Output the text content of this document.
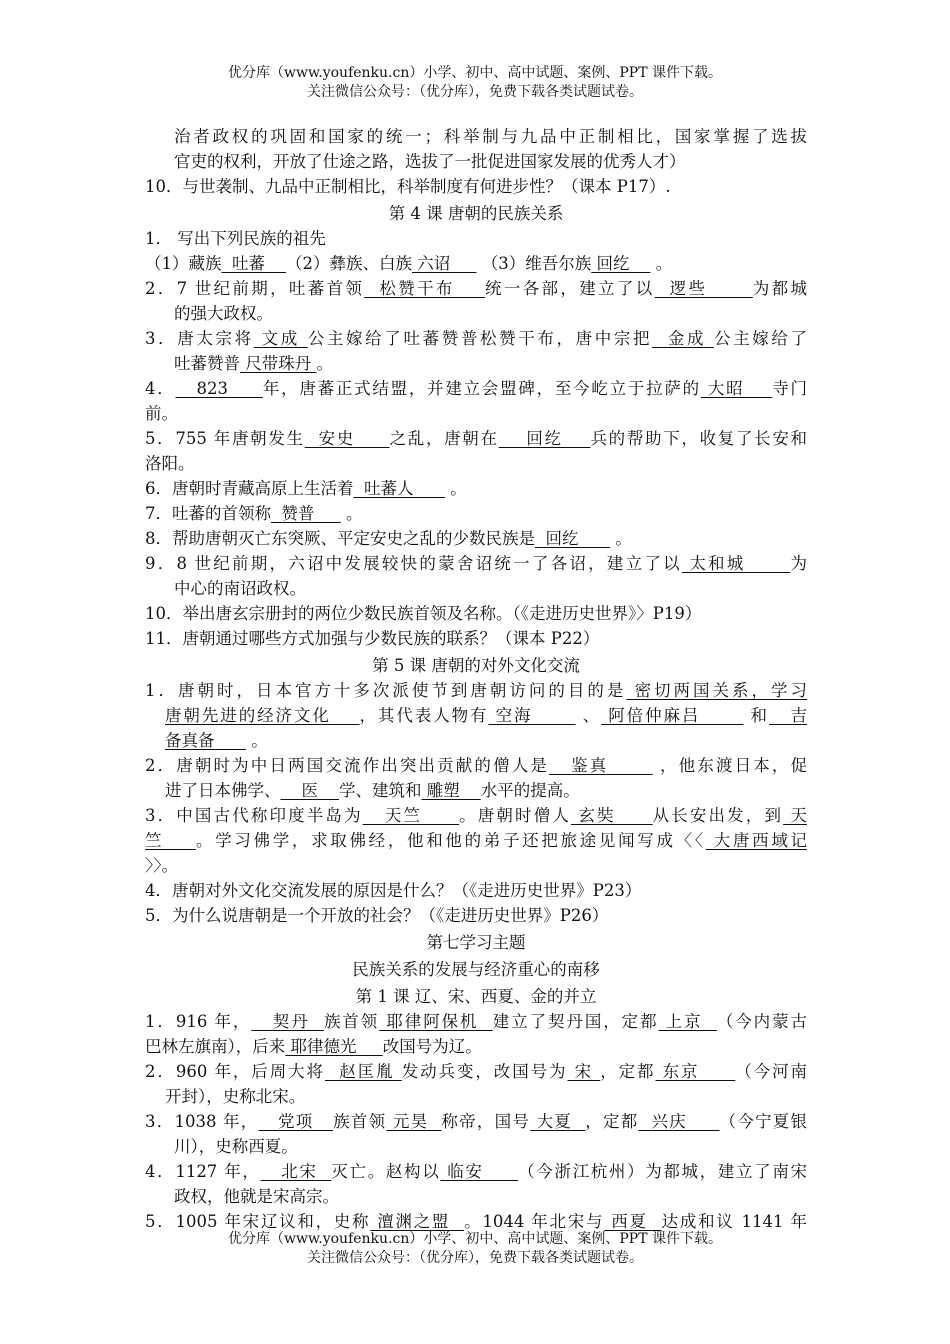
优分库（www.youfenku.cn）小学、初中、高中试题、案例、PPT 课件下载。
关注微信公众号：（优分库），免费下载各类试题试卷。
治者政权的巩固和国家的统一；科举制与九品中正制相比，国家掌握了选拔
官吏的权利，开放了仕途之路，选拔了一批促进国家发展的优秀人才）
10．与世袭制、九品中正制相比，科举制度有何进步性？（课本 P17）.
第 4 课 唐朝的民族关系
1． 写出下列民族的祖先
（1）藏族  吐蕃    （2）彝族、白族 六诏      （3）维吾尔族 回纥     。
2．7 世纪前期，吐蕃首领  松赞干布    统一各部，建立了以  逻些      为都城
的强大政权。
3．唐太宗将 文成 公主嫁给了吐蕃赞普松赞干布，唐中宗把  金成 公主嫁给了
吐蕃赞普 尺带珠丹 。
4．   823     年，唐蕃正式结盟，并建立会盟碑，至今屹立于拉萨的 大昭    寺门
前。
5．755 年唐朝发生  安史     之乱，唐朝在    回纥    兵的帮助下，收复了长安和
洛阳。
6．唐朝时青藏高原上生活着  吐蕃人       。
7．吐蕃的首领称  赞普      。
8．帮助唐朝灭亡东突厥、平定安史之乱的少数民族是  回纥       。
9．8 世纪前期，六诏中发展较快的蒙舍诏统一了各诏，建立了以 太和城      为
中心的南诏政权。
10．举出唐玄宗册封的两位少数民族首领及名称。（《走进历史世界》〉P19）
11．唐朝通过哪些方式加强与少数民族的联系？（课本 P22）
第 5 课 唐朝的对外文化交流
1．唐朝时，日本官方十多次派使节到唐朝访问的目的是 密切两国关系，学习
唐朝先进的经济文化    ，其代表人物有 空海       、 阿倍仲麻吕       和   吉
备真备       。
2．唐朝时为中日两国交流作出突出贡献的僧人是   鉴真       ，他东渡日本，促
进了日本佛学、    医    学、建筑和 雕塑    水平的提高。
3．中国古代称印度半岛为   天竺     。唐朝时僧人 玄奘     从长安出发，到 天
竺    。学习佛学，求取佛经，他和他的弟子还把旅途见闻写成〈〈 大唐西域记
〉〉。
4．唐朝对外文化交流发展的原因是什么？（《走进历史世界》P23）
5．为什么说唐朝是一个开放的社会？（《走进历史世界》P26）
第七学习主题
民族关系的发展与经济重心的南移
第 1 课 辽、宋、西夏、金的并立
1．916 年，   契丹  族首领 耶律阿保机  建立了契丹国，定都 上京  （今内蒙古
巴林左旗南），后来 耶律德光     改国号为辽。
2．960 年，后周大将  赵匡胤 发动兵变，改国号为 宋 ，定都 东京     （今河南
开封），史称北宋。
3．1038 年，   党项   族首领 元昊  称帝，国号 大夏  ，定都  兴庆     （今宁夏银
川），史称西夏。
4．1127 年，   北宋  灭亡。赵构以 临安     （今浙江杭州）为都城，建立了南宋
政权，他就是宋高宗。
5．1005 年宋辽议和，史称 澶渊之盟  。1044 年北宋与 西夏  达成和议 1141 年
优分库（www.youfenku.cn）小学、初中、高中试题、案例、PPT 课件下载。
关注微信公众号：（优分库），免费下载各类试题试卷。
